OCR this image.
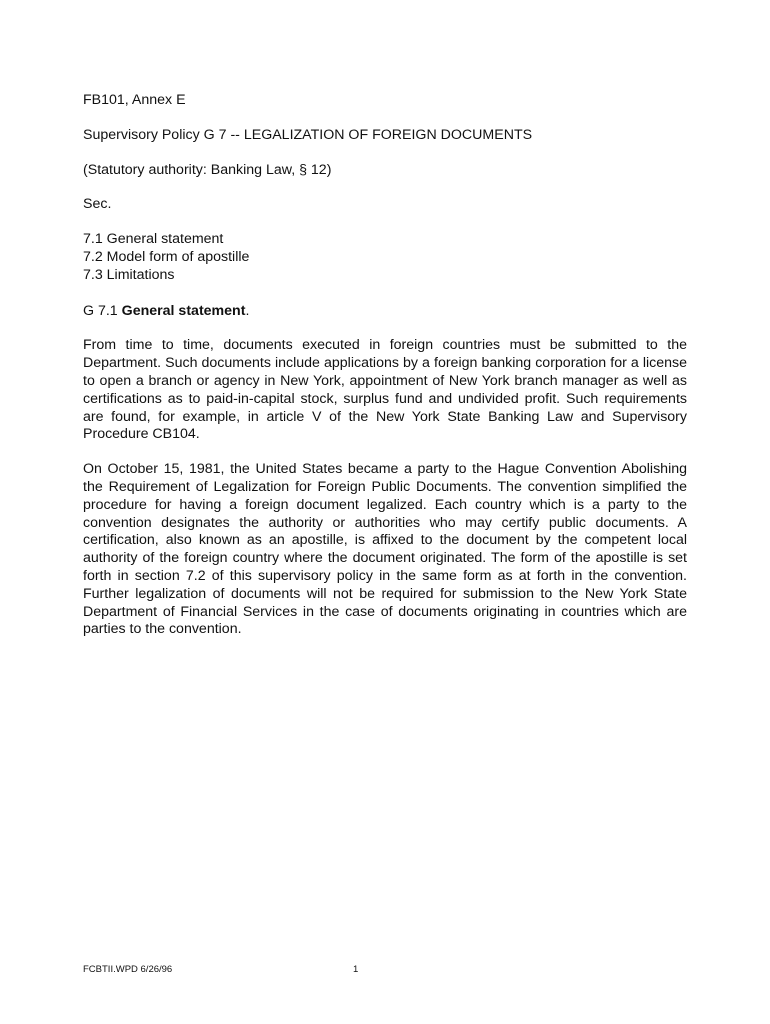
FB101, Annex E

Supervisory Policy G 7 -- LEGALIZATION OF FOREIGN DOCUMENTS

(Statutory authority: Banking Law, § 12)

Sec.

7.1 General statement
7.2 Model form of apostille
7.3 Limitations

G 7.1 General statement.

From time to time, documents executed in foreign countries must be submitted to the Department. Such documents include applications by a foreign banking corporation for a license to open a branch or agency in New York, appointment of New York branch manager as well as certifications as to paid-in-capital stock, surplus fund and undivided profit. Such requirements are found, for example, in article V of the New York State Banking Law and Supervisory Procedure CB104.

On October 15, 1981, the United States became a party to the Hague Convention Abolishing the Requirement of Legalization for Foreign Public Documents. The convention simplified the procedure for having a foreign document legalized. Each country which is a party to the convention designates the authority or authorities who may certify public documents. A certification, also known as an apostille, is affixed to the document by the competent local authority of the foreign country where the document originated. The form of the apostille is set forth in section 7.2 of this supervisory policy in the same form as at forth in the convention. Further legalization of documents will not be required for submission to the New York State Department of Financial Services in the case of documents originating in countries which are parties to the convention.

FCBTII.WPD 6/26/96	1
